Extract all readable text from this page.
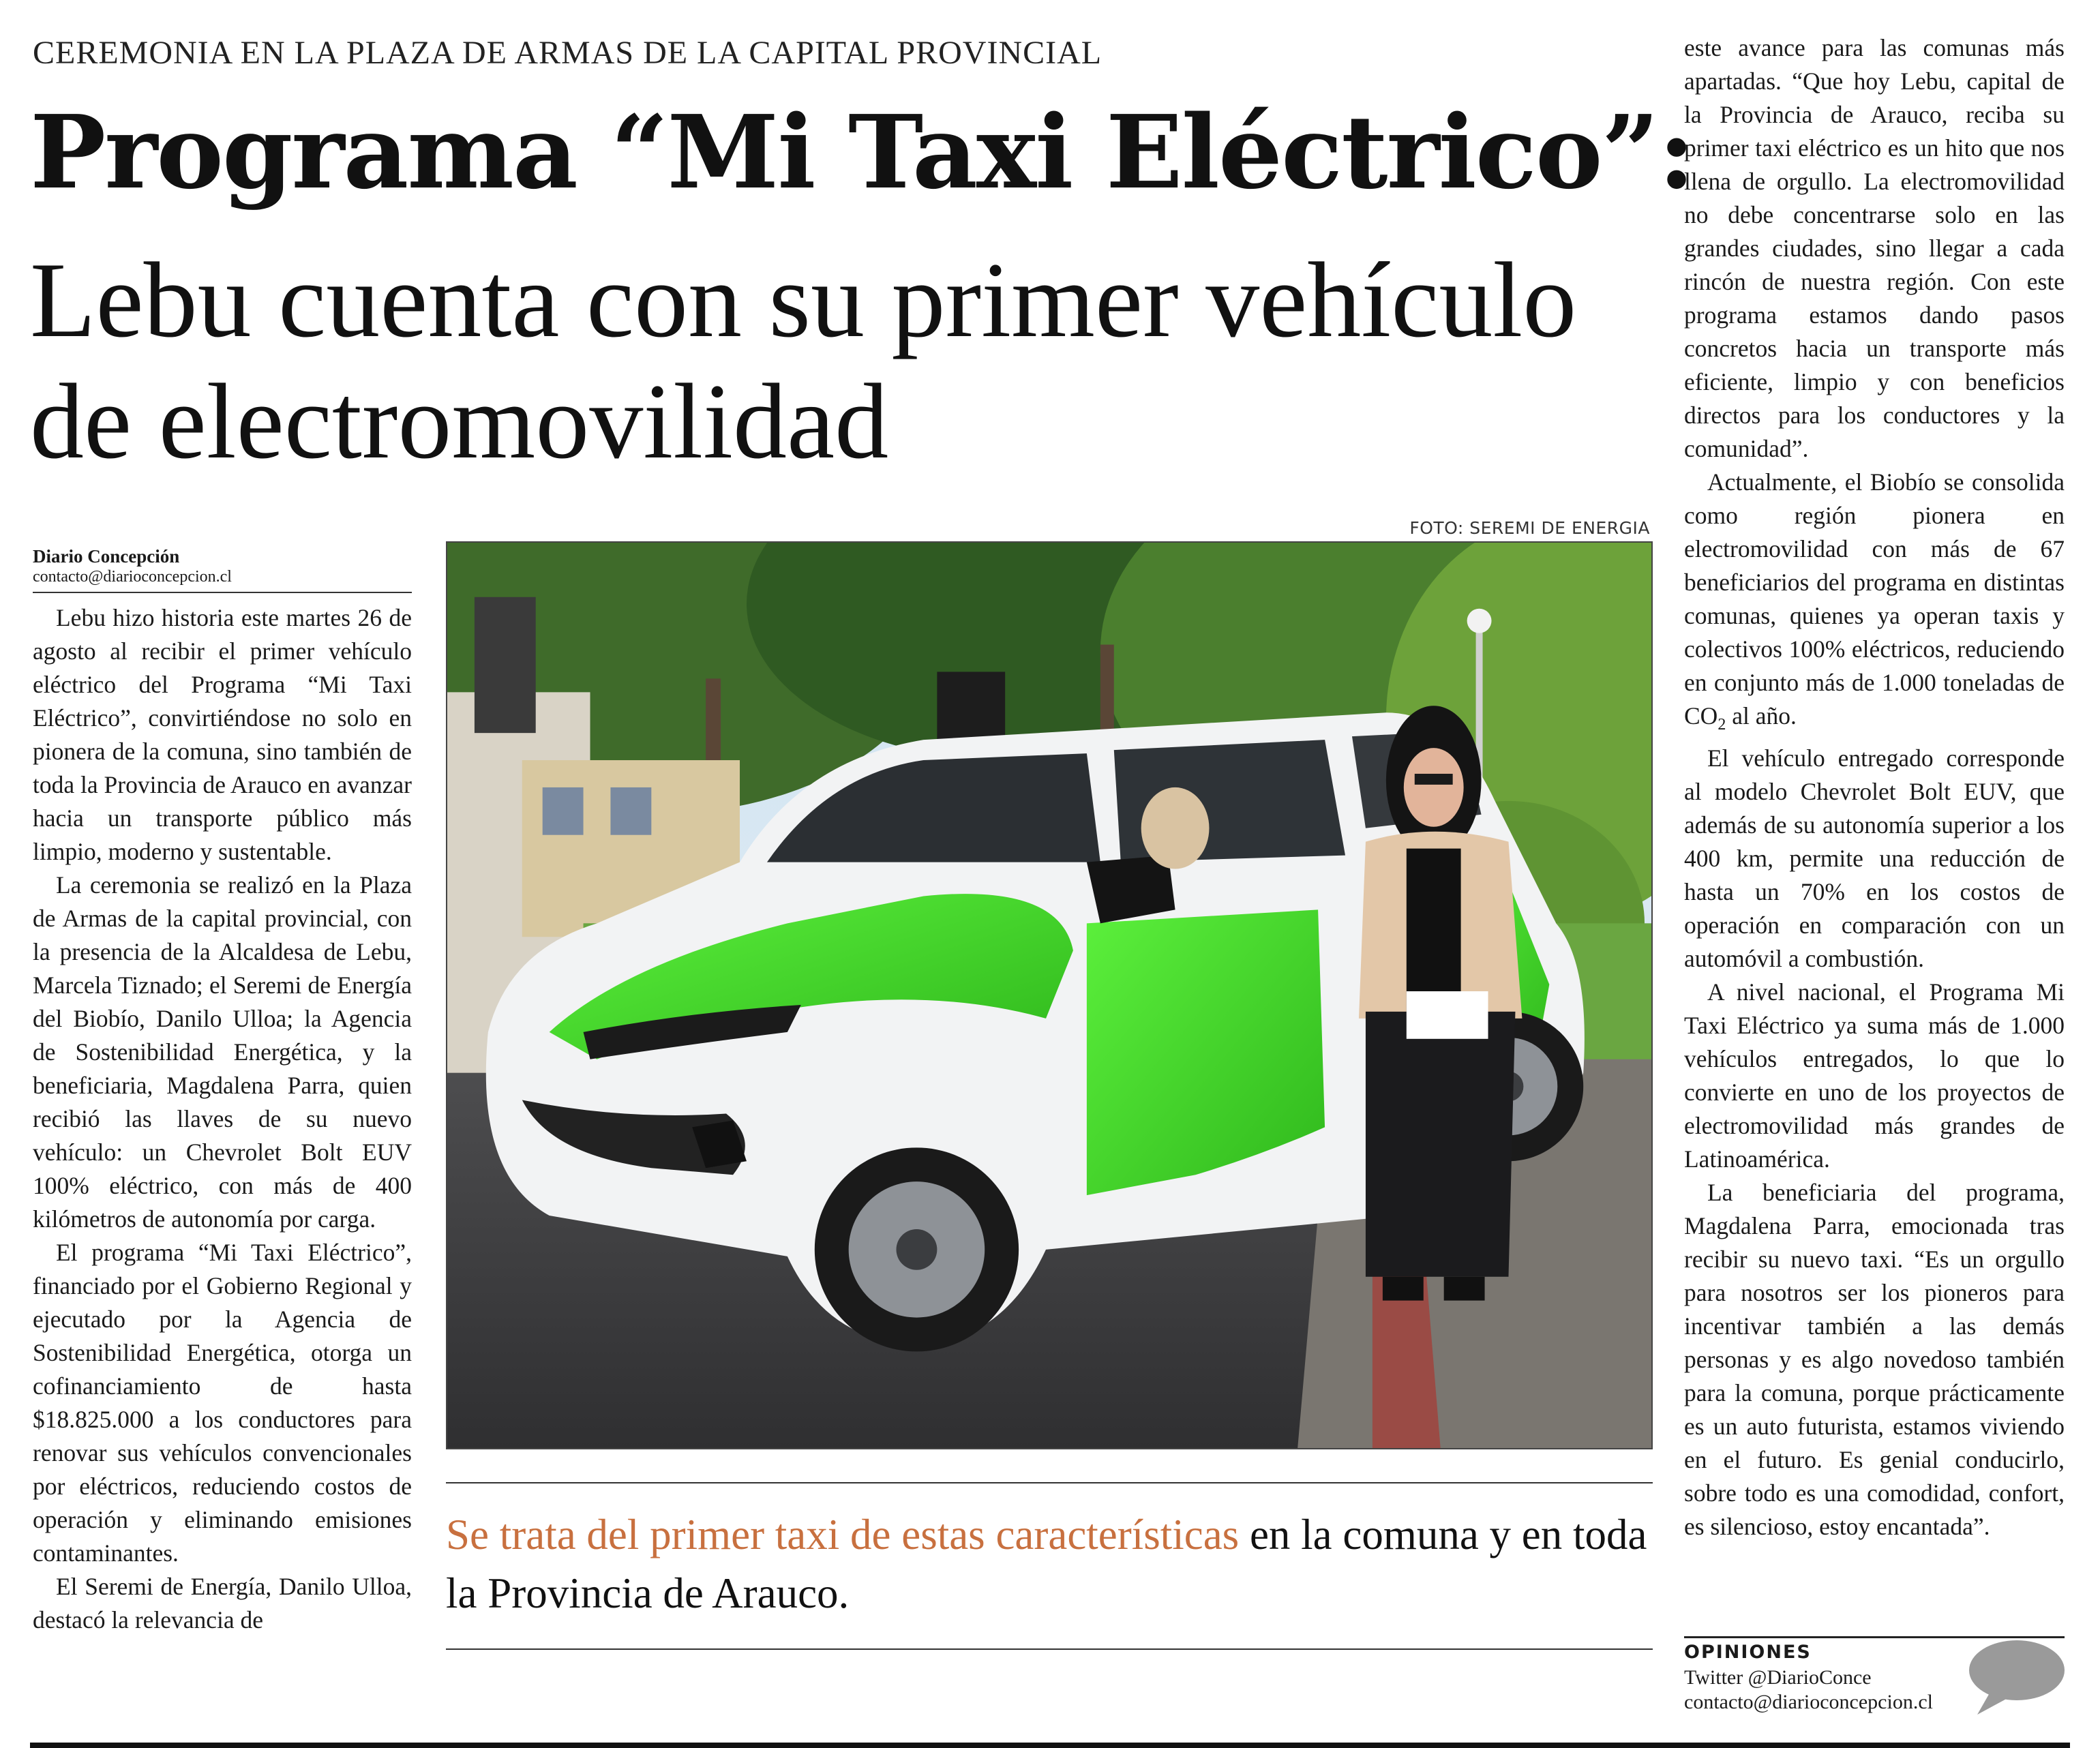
CEREMONIA EN LA PLAZA DE ARMAS DE LA CAPITAL PROVINCIAL
Programa “Mi Taxi Eléctrico”:
Lebu cuenta con su primer vehículo de electromovilidad
Diario Concepción
contacto@diarioconcepcion.cl

Lebu hizo historia este martes 26 de agosto al recibir el primer vehículo eléctrico del Programa “Mi Taxi Eléctrico”, convirtiéndose no solo en pionera de la comuna, sino también de toda la Provincia de Arauco en avanzar hacia un transporte público más limpio, moderno y sustentable.

La ceremonia se realizó en la Plaza de Armas de la capital provincial, con la presencia de la Alcaldesa de Lebu, Marcela Tiznado; el Seremi de Energía del Biobío, Danilo Ulloa; la Agencia de Sostenibilidad Energética, y la beneficiaria, Magdalena Parra, quien recibió las llaves de su nuevo vehículo: un Chevrolet Bolt EUV 100% eléctrico, con más de 400 kilómetros de autonomía por carga.

El programa “Mi Taxi Eléctrico”, financiado por el Gobierno Regional y ejecutado por la Agencia de Sostenibilidad Energética, otorga un cofinanciamiento de hasta $18.825.000 a los conductores para renovar sus vehículos convencionales por eléctricos, reduciendo costos de operación y eliminando emisiones contaminantes.

El Seremi de Energía, Danilo Ulloa, destacó la relevancia de

FOTO: SEREMI DE ENERGIA
Se trata del primer taxi de estas características en la comuna y en toda la Provincia de Arauco.

este avance para las comunas más apartadas. “Que hoy Lebu, capital de la Provincia de Arauco, reciba su primer taxi eléctrico es un hito que nos llena de orgullo. La electromovilidad no debe concentrarse solo en las grandes ciudades, sino llegar a cada rincón de nuestra región. Con este programa estamos dando pasos concretos hacia un transporte más eficiente, limpio y con beneficios directos para los conductores y la comunidad”.

Actualmente, el Biobío se consolida como región pionera en electromovilidad con más de 67 beneficiarios del programa en distintas comunas, quienes ya operan taxis y colectivos 100% eléctricos, reduciendo en conjunto más de 1.000 toneladas de $CO_2$ al año.

El vehículo entregado corresponde al modelo Chevrolet Bolt EUV, que además de su autonomía superior a los 400 km, permite una reducción de hasta un 70% en los costos de operación en comparación con un automóvil a combustión.

A nivel nacional, el Programa Mi Taxi Eléctrico ya suma más de 1.000 vehículos entregados, lo que lo convierte en uno de los proyectos de electromovilidad más grandes de Latinoamérica.

La beneficiaria del programa, Magdalena Parra, emocionada tras recibir su nuevo taxi. “Es un orgullo para nosotros ser los pioneros para incentivar también a las demás personas y es algo novedoso también para la comuna, porque prácticamente es un auto futurista, estamos viviendo en el futuro. Es genial conducirlo, sobre todo es una comodidad, confort, es silencioso, estoy encantada”.

OPINIONES
Twitter @DiarioConce
contacto@diarioconcepcion.cl
